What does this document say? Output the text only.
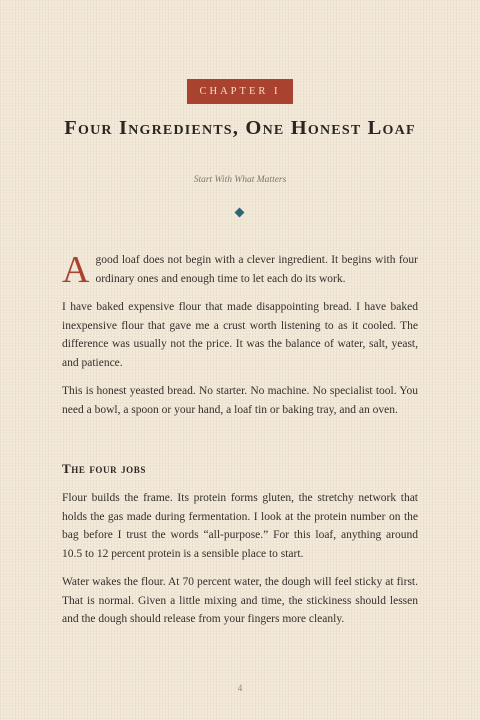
CHAPTER I
Four Ingredients, One Honest Loaf

Start With What Matters

A good loaf does not begin with a clever ingredient. It begins with four ordinary ones and enough time to let each do its work.

I have baked expensive flour that made disappointing bread. I have baked inexpensive flour that gave me a crust worth listening to as it cooled. The difference was usually not the price. It was the balance of water, salt, yeast, and patience.

This is honest yeasted bread. No starter. No machine. No specialist tool. You need a bowl, a spoon or your hand, a loaf tin or baking tray, and an oven.

The four jobs

Flour builds the frame. Its protein forms gluten, the stretchy network that holds the gas made during fermentation. I look at the protein number on the bag before I trust the words “all-purpose.” For this loaf, anything around 10.5 to 12 percent protein is a sensible place to start.

Water wakes the flour. At 70 percent water, the dough will feel sticky at first. That is normal. Given a little mixing and time, the stickiness should lessen and the dough should release from your fingers more cleanly.

4
